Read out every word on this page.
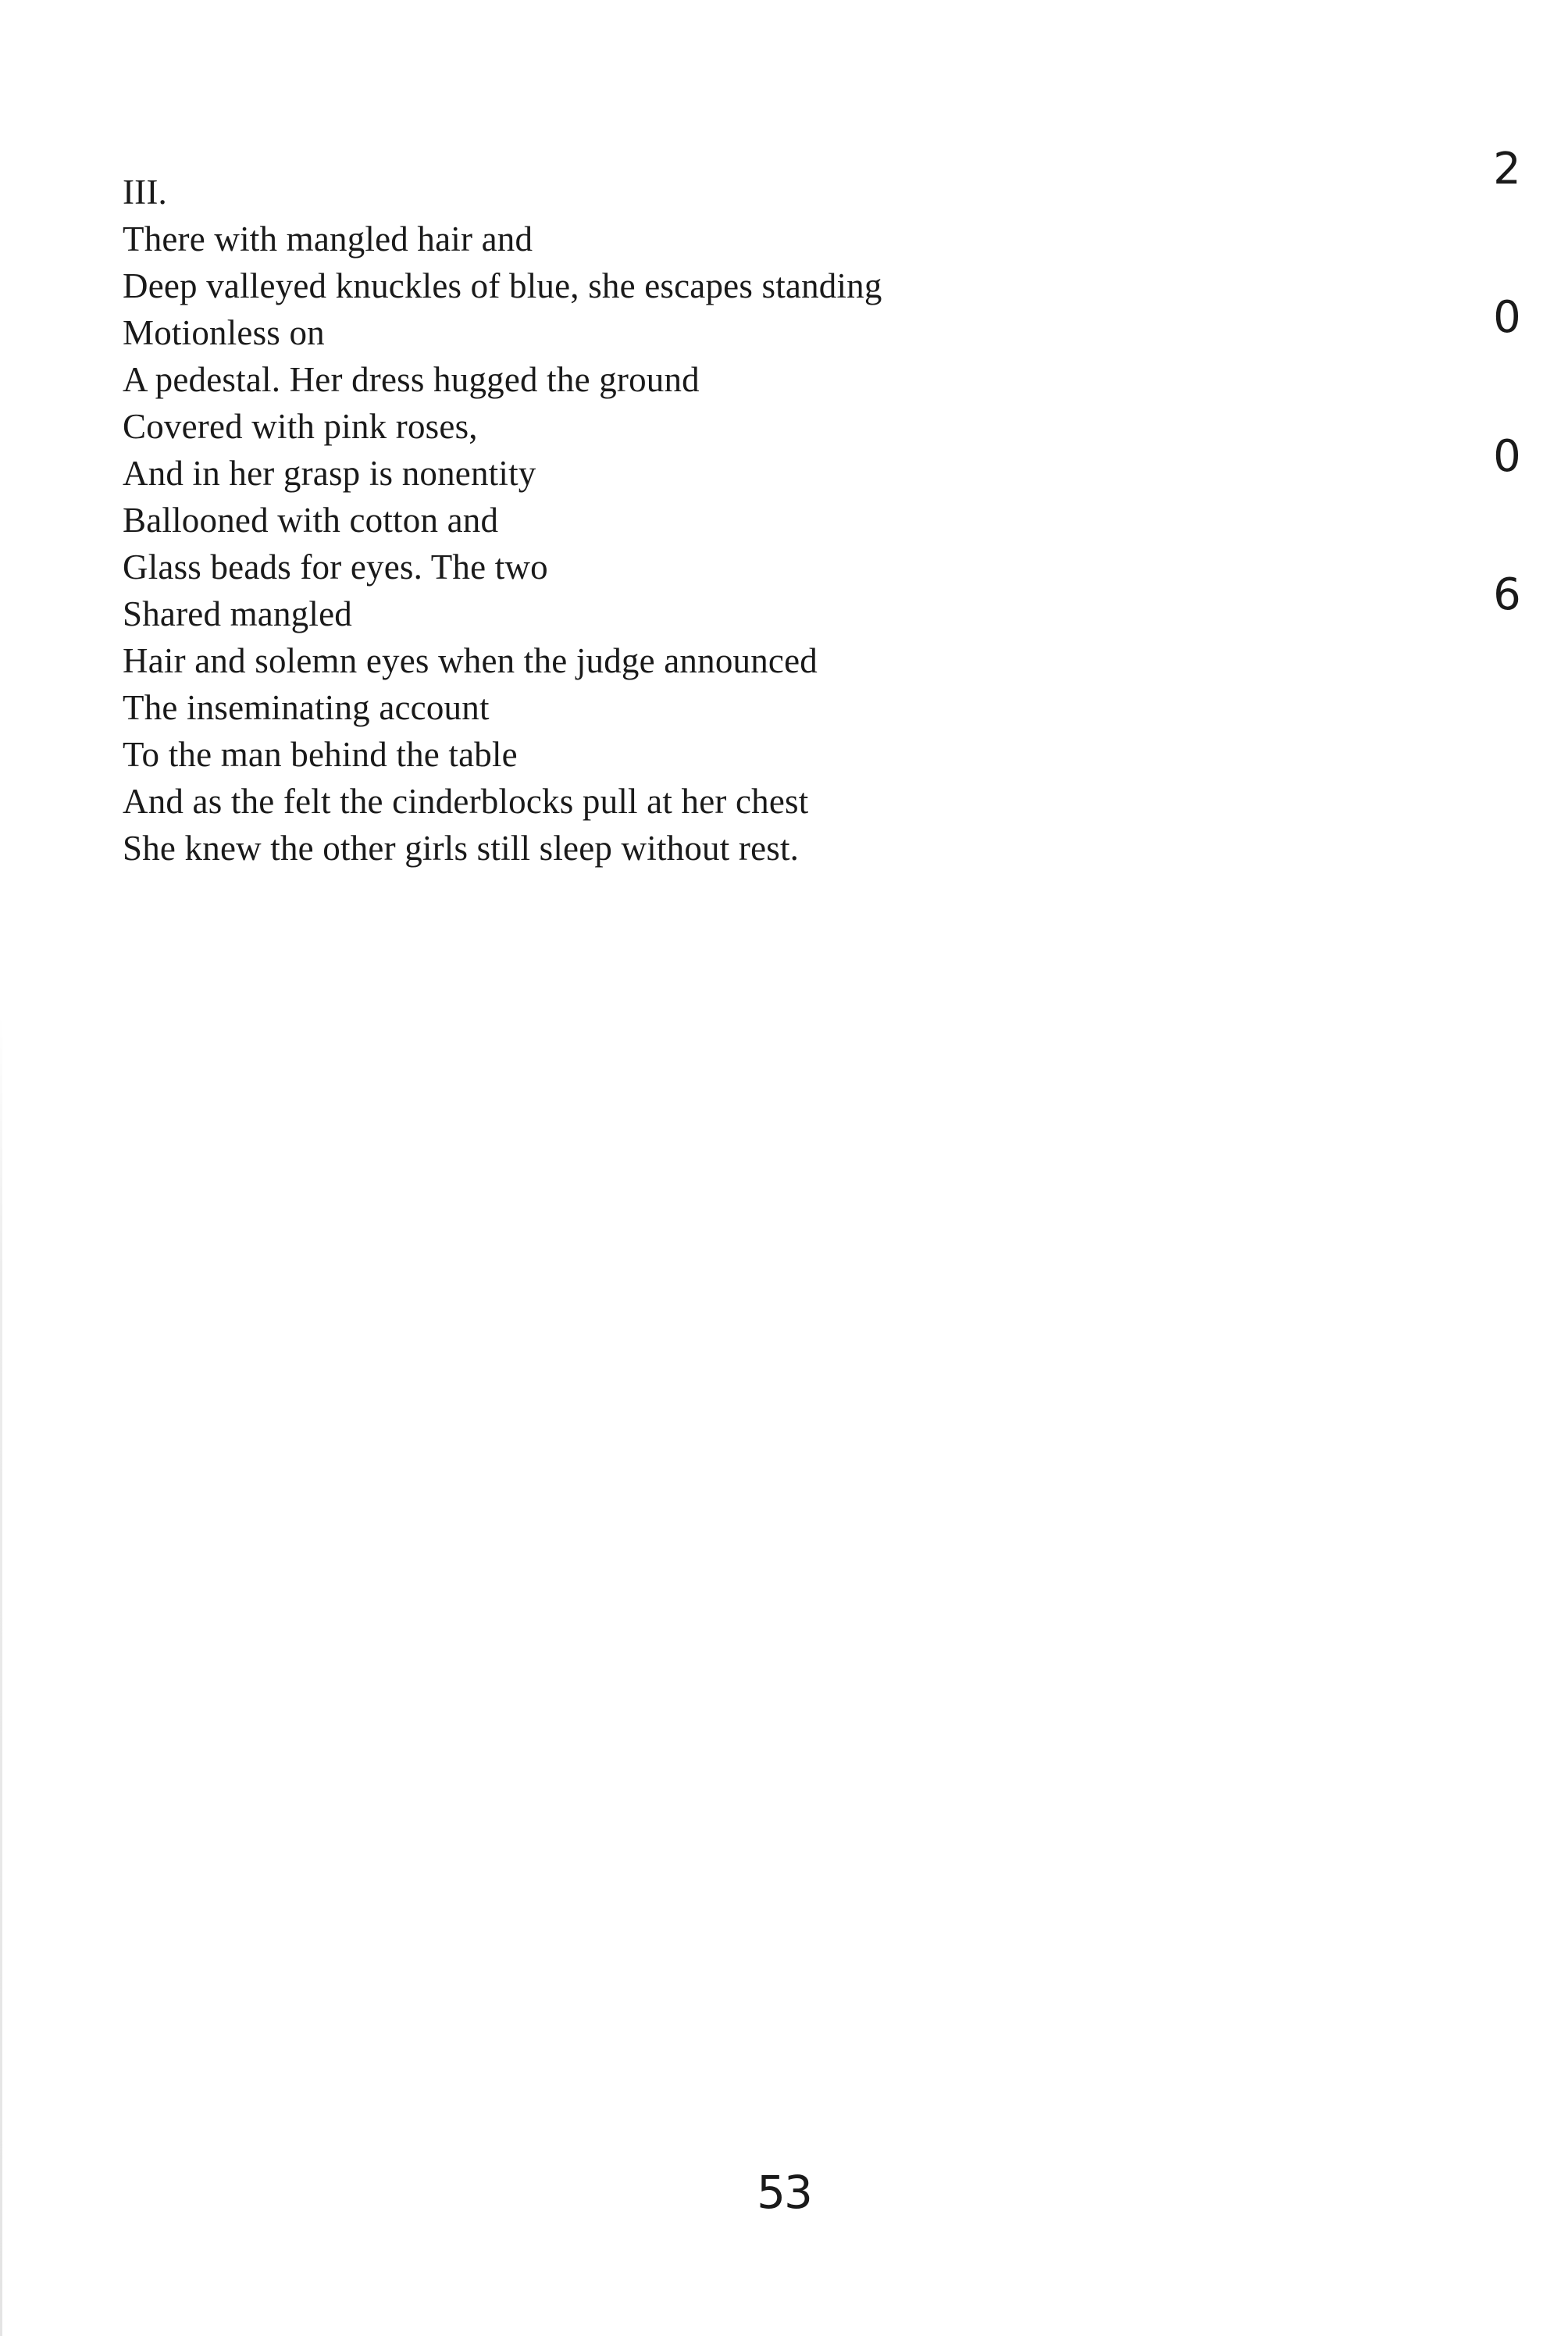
III.
There with mangled hair and
Deep valleyed knuckles of blue, she escapes standing
Motionless on
A pedestal. Her dress hugged the ground
Covered with pink roses,
And in her grasp is nonentity
Ballooned with cotton and
Glass beads for eyes. The two
Shared mangled
Hair and solemn eyes when the judge announced
The inseminating account
To the man behind the table
And as the felt the cinderblocks pull at her chest
She knew the other girls still sleep without rest.
2
0
0
6
53
